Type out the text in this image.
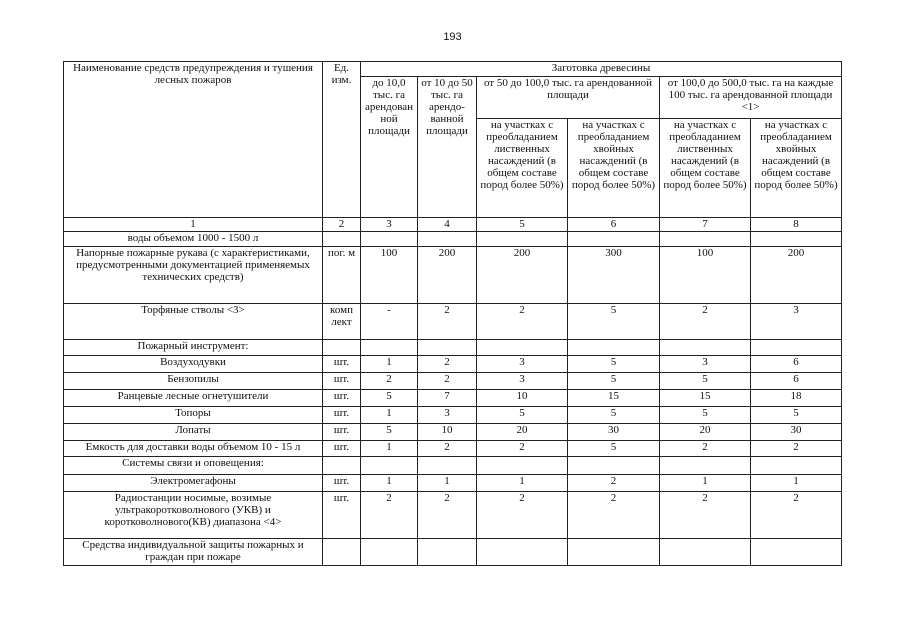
193
Наименование средств предупреждения и тушения лесных пожаров	Ед. изм.	Заготовка древесины					
		до 10,0 тыс. га арендован ной площади	от 10 до 50 тыс. га арендо- ванной площади	от 50 до 100,0 тыс. га арендованной площади		от 100,0 до 500,0 тыс. га на каждые 100 тыс. га арендованной площади <1>	
				на участках с преобладанием лиственных насаждений (в общем составе пород более 50%)	на участках с преобладанием хвойных насаждений (в общем составе пород более 50%)	на участках с преобладанием лиственных насаждений (в общем составе пород более 50%)	на участках с преобладанием хвойных насаждений (в общем составе пород более 50%)
1	2	3	4	5	6	7	8
воды объемом 1000 - 1500 л							
Напорные пожарные рукава (с характеристиками, предусмотренными документацией применяемых технических средств)	пог. м	100	200	200	300	100	200
Торфяные стволы <3>	комп лект	-	2	2	5	2	3
Пожарный инструмент:							
Воздуходувки	шт.	1	2	3	5	3	6
Бензопилы	шт.	2	2	3	5	5	6
Ранцевые лесные огнетушители	шт.	5	7	10	15	15	18
Топоры	шт.	1	3	5	5	5	5
Лопаты	шт.	5	10	20	30	20	30
Емкость для доставки воды объемом 10 - 15 л	шт.	1	2	2	5	2	2
Системы связи и оповещения:							
Электромегафоны	шт.	1	1	1	2	1	1
Радиостанции носимые, возимые ультракоротковолнового (УКВ) и коротковолнового(КВ) диапазона <4>	шт.	2	2	2	2	2	2
Средства индивидуальной защиты пожарных и граждан при пожаре							
